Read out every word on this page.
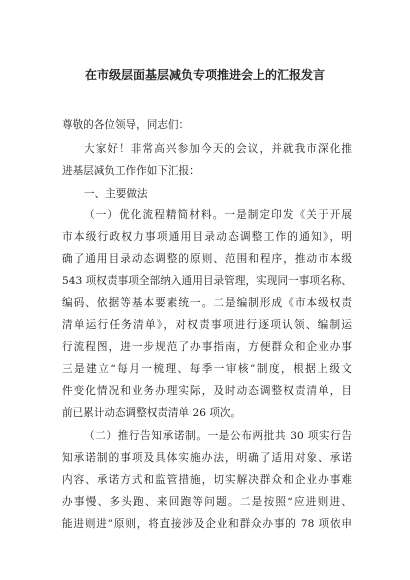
在市级层面基层减负专项推进会上的汇报发言
尊敬的各位领导，同志们：
大家好！非常高兴参加今天的会议，并就我市深化推
进基层减负工作作如下汇报：
一、主要做法
（一）优化流程精简材料。一是制定印发《关于开展
市本级行政权力事项通用目录动态调整工作的通知》，明
确了通用目录动态调整的原则、范围和程序，推动市本级
543 项权责事项全部纳入通用目录管理，实现同一事项名称、
编码、依据等基本要素统一。二是编制形成《市本级权责
清单运行任务清单》，对权责事项进行逐项认领、编制运
行流程图，进一步规范了办事指南，方便群众和企业办事
三是建立“每月一梳理、每季一审核”制度，根据上级文
件变化情况和业务办理实际，及时动态调整权责清单，目
前已累计动态调整权责清单 26 项次。
（二）推行告知承诺制。一是公布两批共 30 项实行告
知承诺制的事项及具体实施办法，明确了适用对象、承诺
内容、承诺方式和监管措施，切实解决群众和企业办事难
办事慢、多头跑、来回跑等问题。二是按照“应进则进、
能进则进”原则，将直接涉及企业和群众办事的 78 项依申
